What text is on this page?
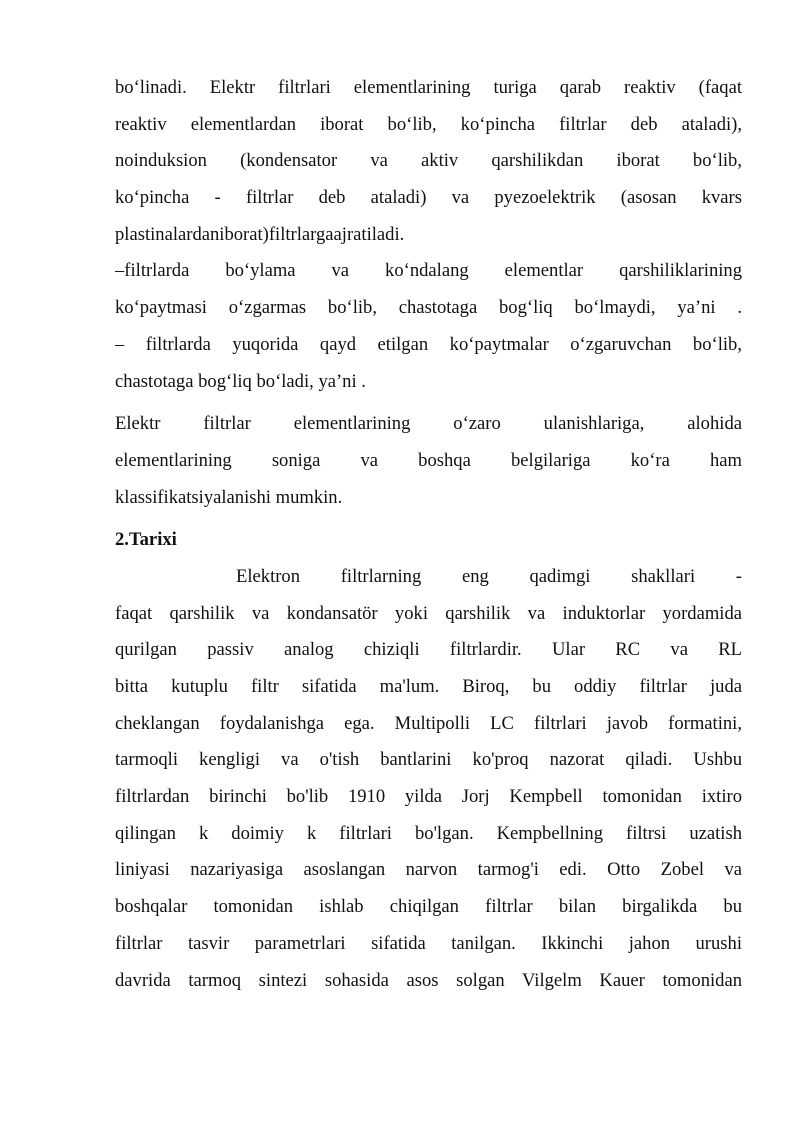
bo‘linadi. Elektr filtrlari elementlarining turiga qarab reaktiv (faqat
reaktiv elementlardan iborat bo‘lib, ko‘pincha filtrlar deb ataladi),
noinduksion (kondensator va aktiv qarshilikdan iborat bo‘lib,
ko‘pincha - filtrlar deb ataladi) va pyezoelektrik (asosan kvars
plastinalardaniborat)filtrlargaajratiladi.
–filtrlarda bo‘ylama va ko‘ndalang elementlar qarshiliklarining
ko‘paytmasi o‘zgarmas bo‘lib, chastotaga bog‘liq bo‘lmaydi, ya’ni .
– filtrlarda yuqorida qayd etilgan ko‘paytmalar o‘zgaruvchan bo‘lib,
chastotaga bog‘liq bo‘ladi, ya’ni .
Elektr filtrlar elementlarining o‘zaro ulanishlariga, alohida
elementlarining soniga va boshqa belgilariga ko‘ra ham
klassifikatsiyalanishi mumkin.
2.Tarixi
Elektron filtrlarning eng qadimgi shakllari -
faqat qarshilik va kondansatör yoki qarshilik va induktorlar yordamida
qurilgan passiv analog chiziqli filtrlardir. Ular RC va RL
bitta kutuplu filtr sifatida ma'lum. Biroq, bu oddiy filtrlar juda
cheklangan foydalanishga ega. Multipolli LC filtrlari javob formatini,
tarmoqli kengligi va o'tish bantlarini ko'proq nazorat qiladi. Ushbu
filtrlardan birinchi bo'lib 1910 yilda Jorj Kempbell tomonidan ixtiro
qilingan k doimiy k filtrlari bo'lgan. Kempbellning filtrsi uzatish
liniyasi nazariyasiga asoslangan narvon tarmog'i edi. Otto Zobel va
boshqalar tomonidan ishlab chiqilgan filtrlar bilan birgalikda bu
filtrlar tasvir parametrlari sifatida tanilgan. Ikkinchi jahon urushi
davrida tarmoq sintezi sohasida asos solgan Vilgelm Kauer tomonidan
